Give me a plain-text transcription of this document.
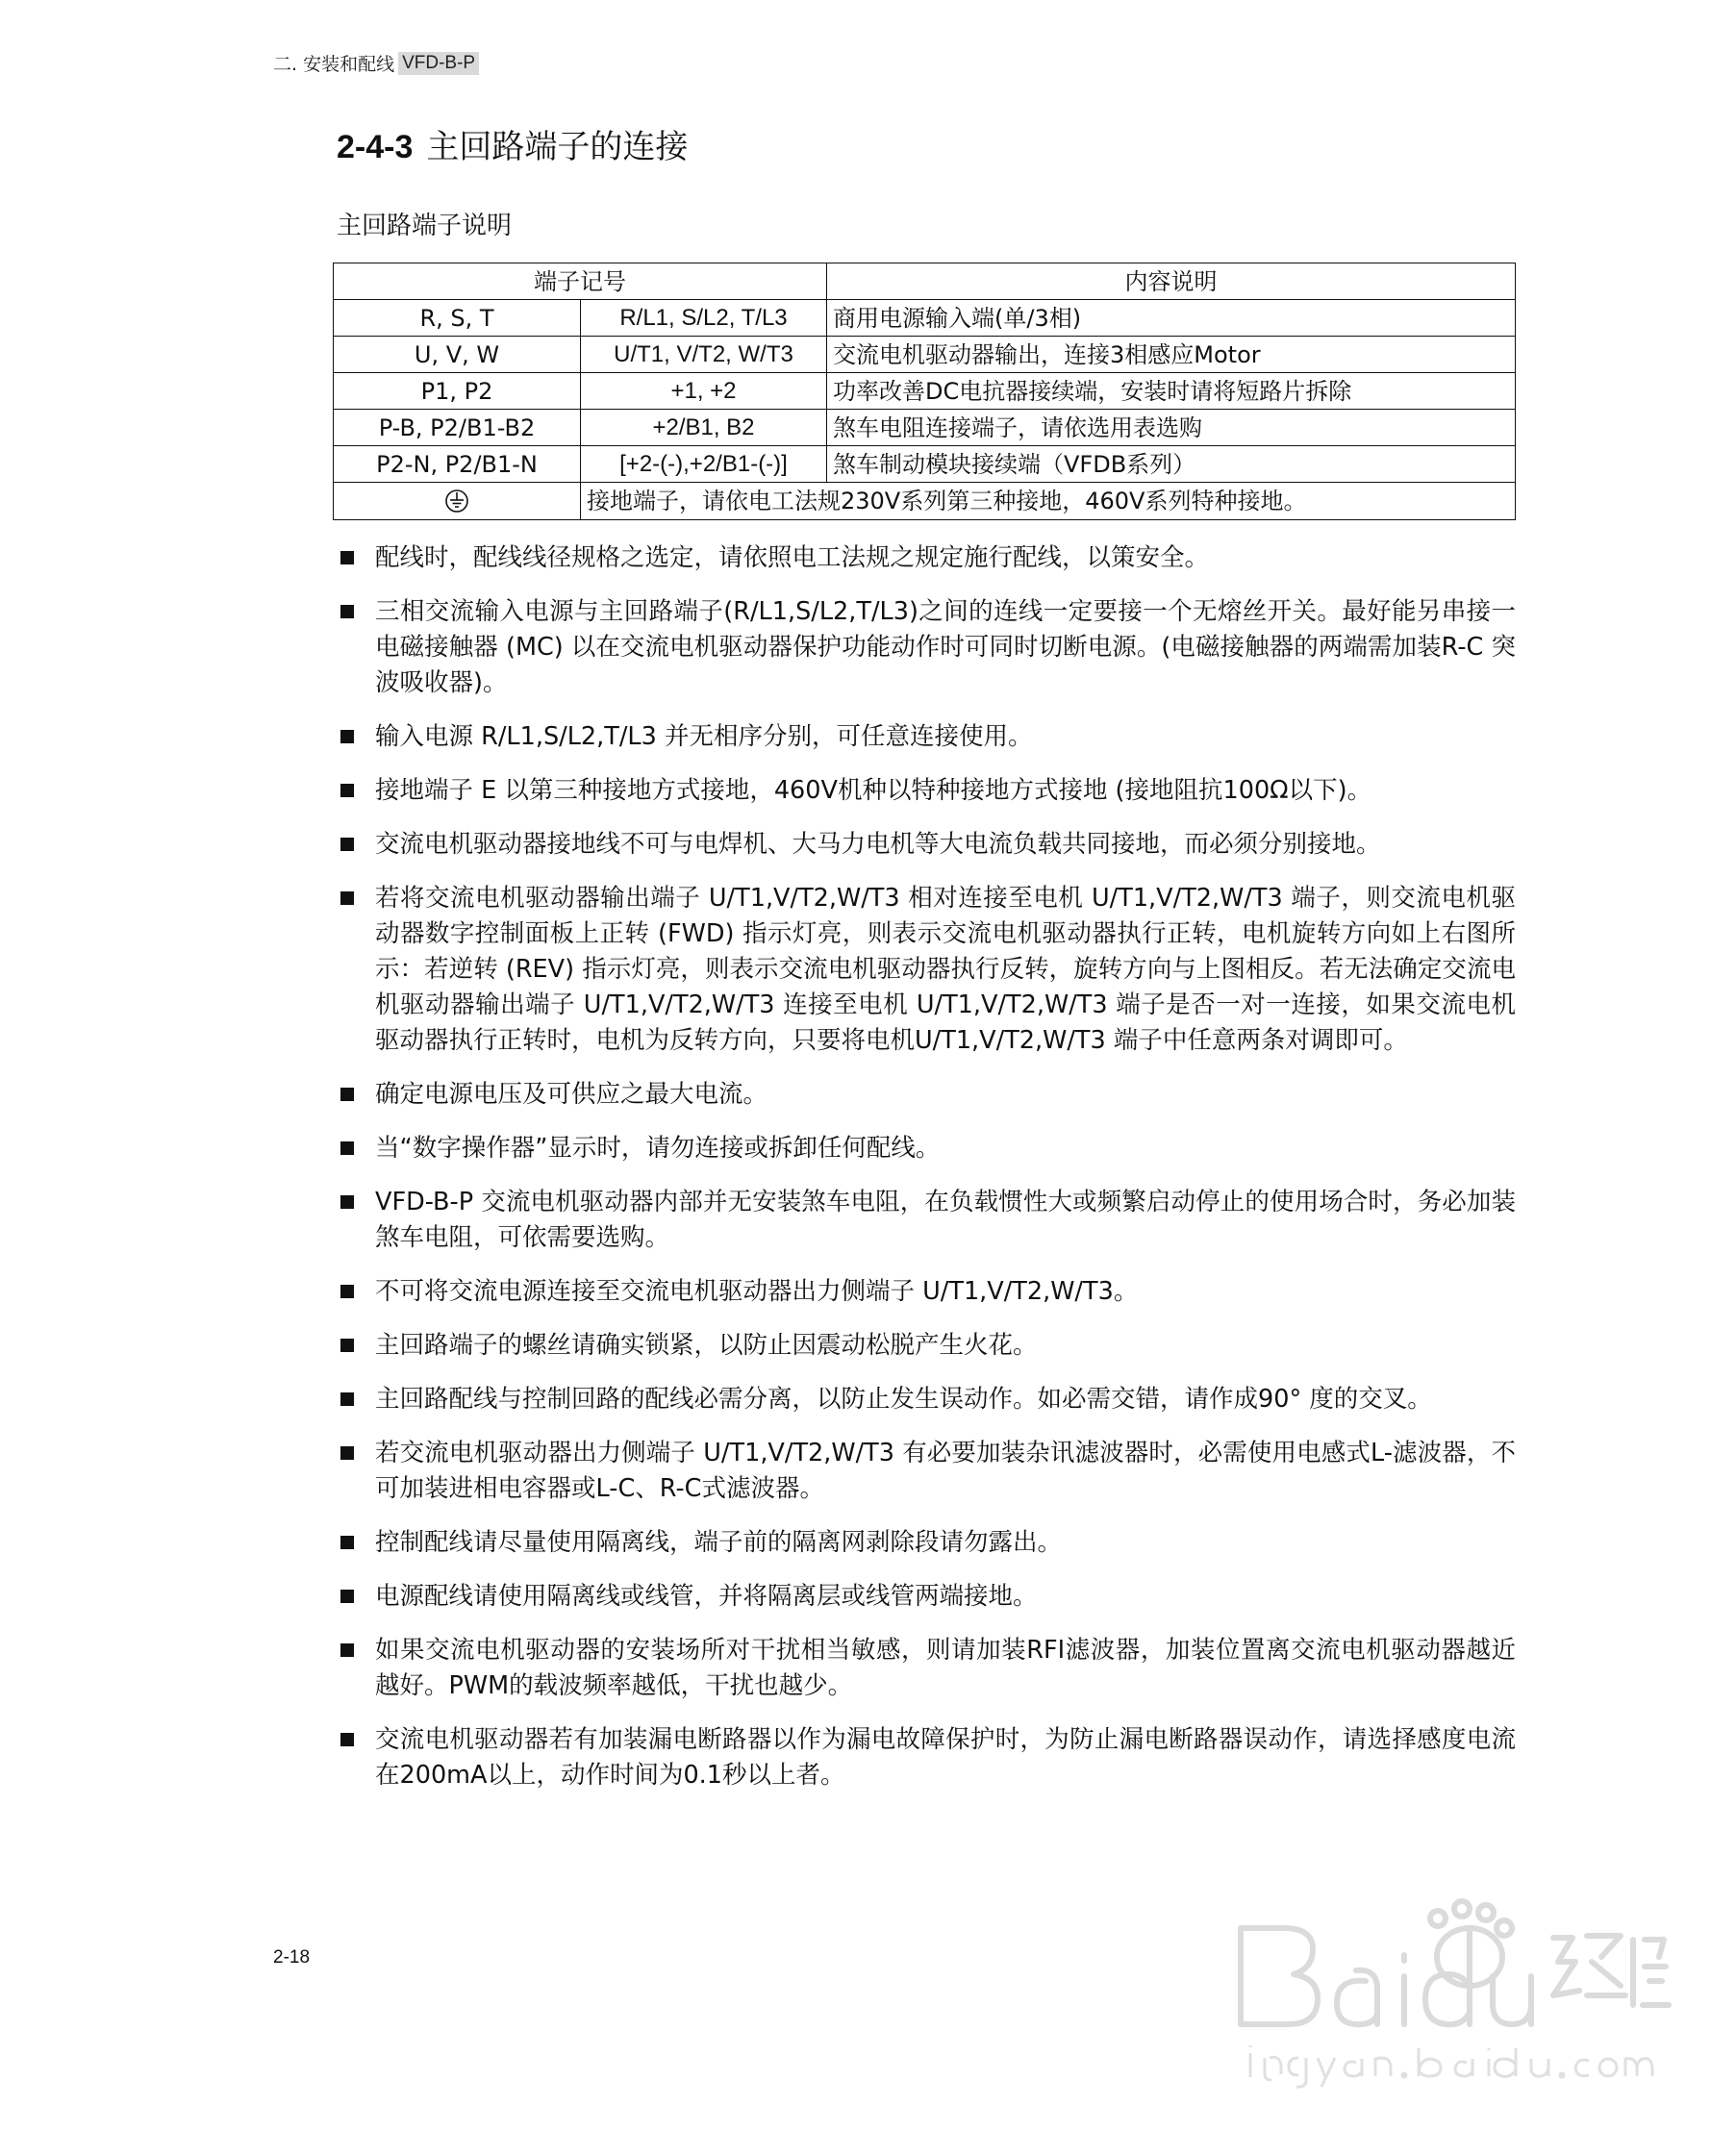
二. 安装和配线 VFD-B-P
2-4-3 主回路端子的连接
主回路端子说明
端子记号		内容说明
R, S, T	R/L1, S/L2, T/L3	商用电源输入端(单/3相)
U, V, W	U/T1, V/T2, W/T3	交流电机驱动器输出，连接3相感应Motor
P1, P2	+1, +2	功率改善DC电抗器接续端，安装时请将短路片拆除
P-B, P2/B1-B2	+2/B1, B2	煞车电阻连接端子，请依选用表选购
P2-N, P2/B1-N	[+2-(-),+2/B1-(-)]	煞车制动模块接续端（VFDB系列）
	接地端子，请依电工法规230V系列第三种接地，460V系列特种接地。	
配线时，配线线径规格之选定，请依照电工法规之规定施行配线，以策安全。
三相交流输入电源与主回路端子(R/L1,S/L2,T/L3)之间的连线一定要接一个无熔丝开关。最好能另串接一电磁接触器 (MC) 以在交流电机驱动器保护功能动作时可同时切断电源。(电磁接触器的两端需加装R-C 突波吸收器)。
输入电源 R/L1,S/L2,T/L3 并无相序分别，可任意连接使用。
接地端子 E 以第三种接地方式接地，460V机种以特种接地方式接地 (接地阻抗100Ω以下)。
交流电机驱动器接地线不可与电焊机、大马力电机等大电流负载共同接地，而必须分别接地。
若将交流电机驱动器输出端子 U/T1,V/T2,W/T3 相对连接至电机 U/T1,V/T2,W/T3 端子，则交流电机驱动器数字控制面板上正转 (FWD) 指示灯亮，则表示交流电机驱动器执行正转，电机旋转方向如上右图所示：若逆转 (REV) 指示灯亮，则表示交流电机驱动器执行反转，旋转方向与上图相反。若无法确定交流电机驱动器输出端子 U/T1,V/T2,W/T3 连接至电机 U/T1,V/T2,W/T3 端子是否一对一连接，如果交流电机驱动器执行正转时，电机为反转方向，只要将电机U/T1,V/T2,W/T3 端子中任意两条对调即可。
确定电源电压及可供应之最大电流。
当“数字操作器”显示时，请勿连接或拆卸任何配线。
VFD-B-P 交流电机驱动器内部并无安装煞车电阻，在负载惯性大或频繁启动停止的使用场合时，务必加装煞车电阻，可依需要选购。
不可将交流电源连接至交流电机驱动器出力侧端子 U/T1,V/T2,W/T3。
主回路端子的螺丝请确实锁紧，以防止因震动松脱产生火花。
主回路配线与控制回路的配线必需分离，以防止发生误动作。如必需交错，请作成90° 度的交叉。
若交流电机驱动器出力侧端子 U/T1,V/T2,W/T3 有必要加装杂讯滤波器时，必需使用电感式L-滤波器，不可加装进相电容器或L-C、R-C式滤波器。
控制配线请尽量使用隔离线，端子前的隔离网剥除段请勿露出。
电源配线请使用隔离线或线管，并将隔离层或线管两端接地。
如果交流电机驱动器的安装场所对干扰相当敏感，则请加装RFI滤波器，加装位置离交流电机驱动器越近越好。PWM的载波频率越低，干扰也越少。
交流电机驱动器若有加装漏电断路器以作为漏电故障保护时，为防止漏电断路器误动作，请选择感度电流在200mA以上，动作时间为0.1秒以上者。
2-18
